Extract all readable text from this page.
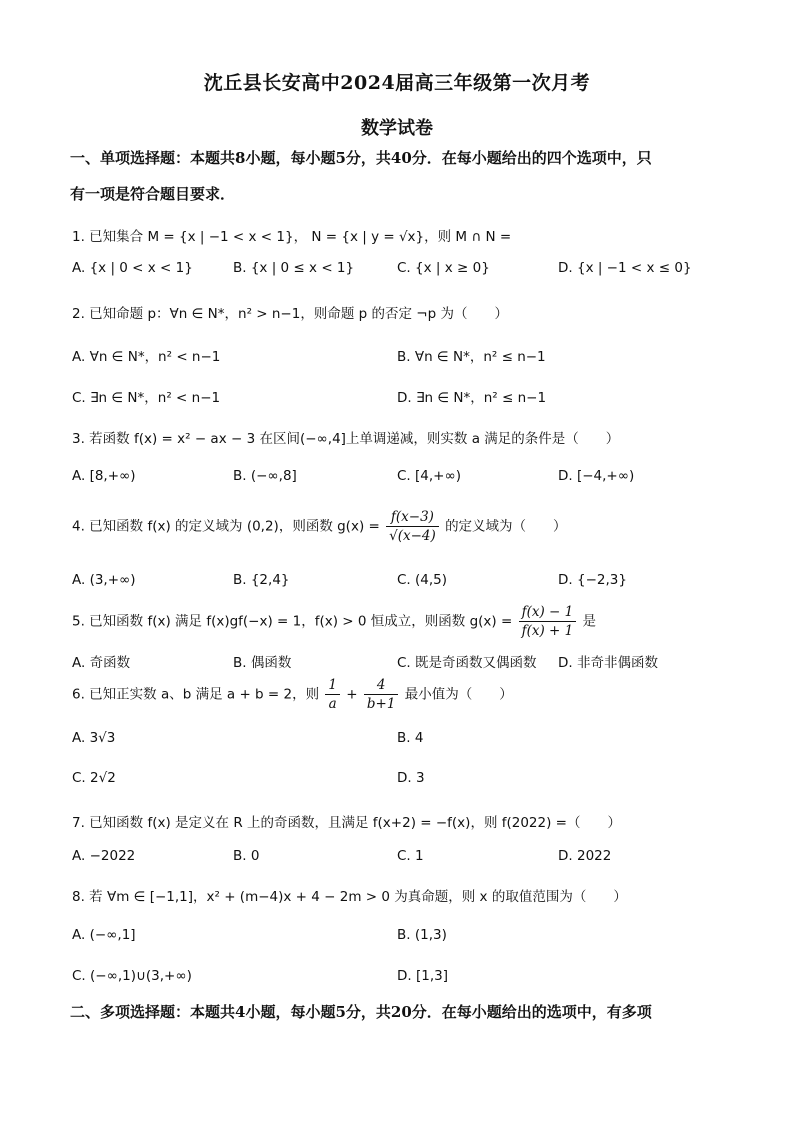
沈丘县长安高中2024届高三年级第一次月考
数学试卷
一、单项选择题：本题共8小题，每小题5分，共40分．在每小题给出的四个选项中，只
有一项是符合题目要求．
1. 已知集合 M = {x | −1 < x < 1}， N = {x | y = √x}，则 M ∩ N =
A. {x | 0 < x < 1}	B. {x | 0 ≤ x < 1}	C. {x | x ≥ 0}	D. {x | −1 < x ≤ 0}
2. 已知命题 p：∀n ∈ N*，n² > n−1，则命题 p 的否定 ¬p 为（　　）
A. ∀n ∈ N*，n² < n−1	B. ∀n ∈ N*，n² ≤ n−1
C. ∃n ∈ N*，n² < n−1	D. ∃n ∈ N*，n² ≤ n−1
3. 若函数 f(x) = x² − ax − 3 在区间(−∞,4]上单调递减，则实数 a 满足的条件是（　　）
A. [8,+∞)	B. (−∞,8]	C. [4,+∞)	D. [−4,+∞)
4. 已知函数 f(x) 的定义域为 (0,2)，则函数 $g(x) = \frac{f(x-3)}{√(x-4)}$ 的定义域为（　　）
A. (3,+∞)	B. {2,4}	C. (4,5)	D. {−2,3}
5. 已知函数 f(x) 满足 f(x)gf(−x) = 1，f(x) > 0 恒成立，则函数 $g(x) = \frac{f(x) - 1}{f(x) + 1}$ 是
A. 奇函数	B. 偶函数	C. 既是奇函数又偶函数 D. 非奇非偶函数
6. 已知正实数 a、b 满足 a + b = 2，则 $\frac{1}{a} + \frac{4}{b+1}$ 最小值为（　　）
A. 3√3	B. 4
C. 2√2	D. 3
7. 已知函数 f(x) 是定义在 R 上的奇函数，且满足 f(x+2) = −f(x)，则 f(2022) =（　　）
A. −2022	B. 0	C. 1	D. 2022
8. 若 ∀m ∈ [−1,1]，x² + (m−4)x + 4 − 2m > 0 为真命题，则 x 的取值范围为（　　）
A. (−∞,1]	B. (1,3)
C. (−∞,1)∪(3,+∞)	D. [1,3]
二、多项选择题：本题共4小题，每小题5分，共20分．在每小题给出的选项中，有多项
